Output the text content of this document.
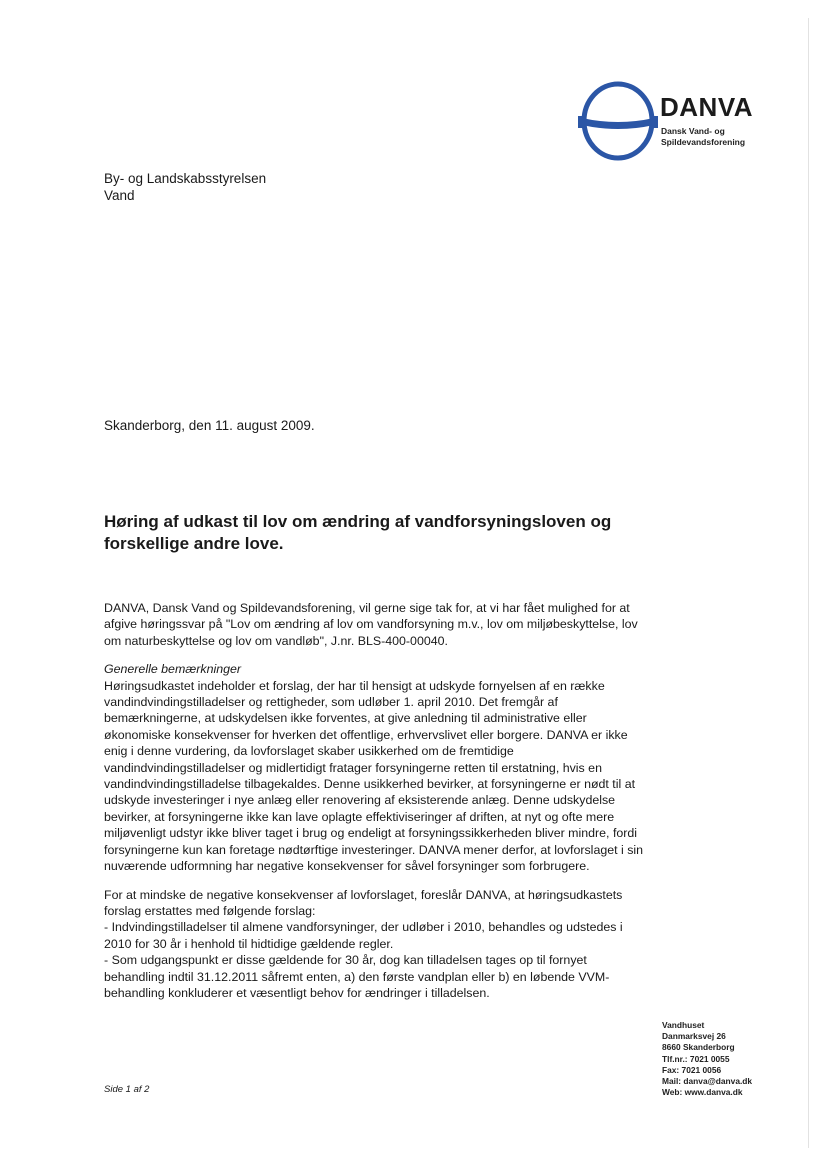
DANVA
Dansk Vand- og
Spildevandsforening
By- og Landskabsstyrelsen
Vand
Skanderborg, den 11. august 2009.
Høring af udkast til lov om ændring af vandforsyningsloven og forskellige andre love.

DANVA, Dansk Vand og Spildevandsforening, vil gerne sige tak for, at vi har fået mulighed for at afgive høringssvar på "Lov om ændring af lov om vandforsyning m.v., lov om miljøbeskyttelse, lov om naturbeskyttelse og lov om vandløb", J.nr. BLS-400-00040.

Generelle bemærkninger

Høringsudkastet indeholder et forslag, der har til hensigt at udskyde fornyelsen af en række vandindvindingstilladelser og rettigheder, som udløber 1. april 2010. Det fremgår af bemærkningerne, at udskydelsen ikke forventes, at give anledning til administrative eller økonomiske konsekvenser for hverken det offentlige, erhvervslivet eller borgere. DANVA er ikke enig i denne vurdering, da lovforslaget skaber usikkerhed om de fremtidige vandindvindingstilladelser og midlertidigt fratager forsyningerne retten til erstatning, hvis en vandindvindingstilladelse tilbagekaldes. Denne usikkerhed bevirker, at forsyningerne er nødt til at udskyde investeringer i nye anlæg eller renovering af eksisterende anlæg. Denne udskydelse bevirker, at forsyningerne ikke kan lave oplagte effektiviseringer af driften, at nyt og ofte mere miljøvenligt udstyr ikke bliver taget i brug og endeligt at forsyningssikkerheden bliver mindre, fordi forsyningerne kun kan foretage nødtørftige investeringer. DANVA mener derfor, at lovforslaget i sin nuværende udformning har negative konsekvenser for såvel forsyninger som forbrugere.

For at mindske de negative konsekvenser af lovforslaget, foreslår DANVA, at høringsudkastets forslag erstattes med følgende forslag:
- Indvindingstilladelser til almene vandforsyninger, der udløber i 2010, behandles og udstedes i 2010 for 30 år i henhold til hidtidige gældende regler.
- Som udgangspunkt er disse gældende for 30 år, dog kan tilladelsen tages op til fornyet behandling indtil 31.12.2011 såfremt enten, a) den første vandplan eller b) en løbende VVM-behandling konkluderer et væsentligt behov for ændringer i tilladelsen.
Side 1 af 2
Vandhuset
Danmarksvej 26
8660 Skanderborg
Tlf.nr.: 7021 0055
Fax: 7021 0056
Mail: danva@danva.dk
Web: www.danva.dk
